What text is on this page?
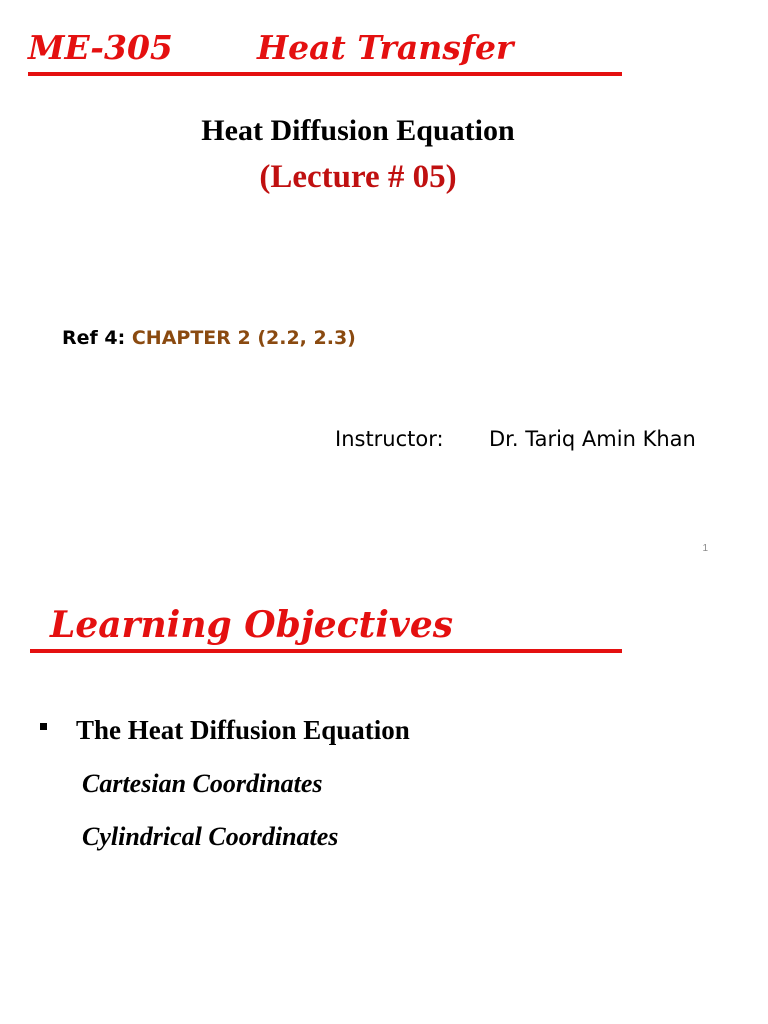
ME-305	Heat Transfer
Heat Diffusion Equation
(Lecture # 05)
Ref 4: CHAPTER 2 (2.2, 2.3)
Instructor: Dr. Tariq Amin Khan
1
Learning Objectives
The Heat Diffusion Equation
Cartesian Coordinates
Cylindrical Coordinates
